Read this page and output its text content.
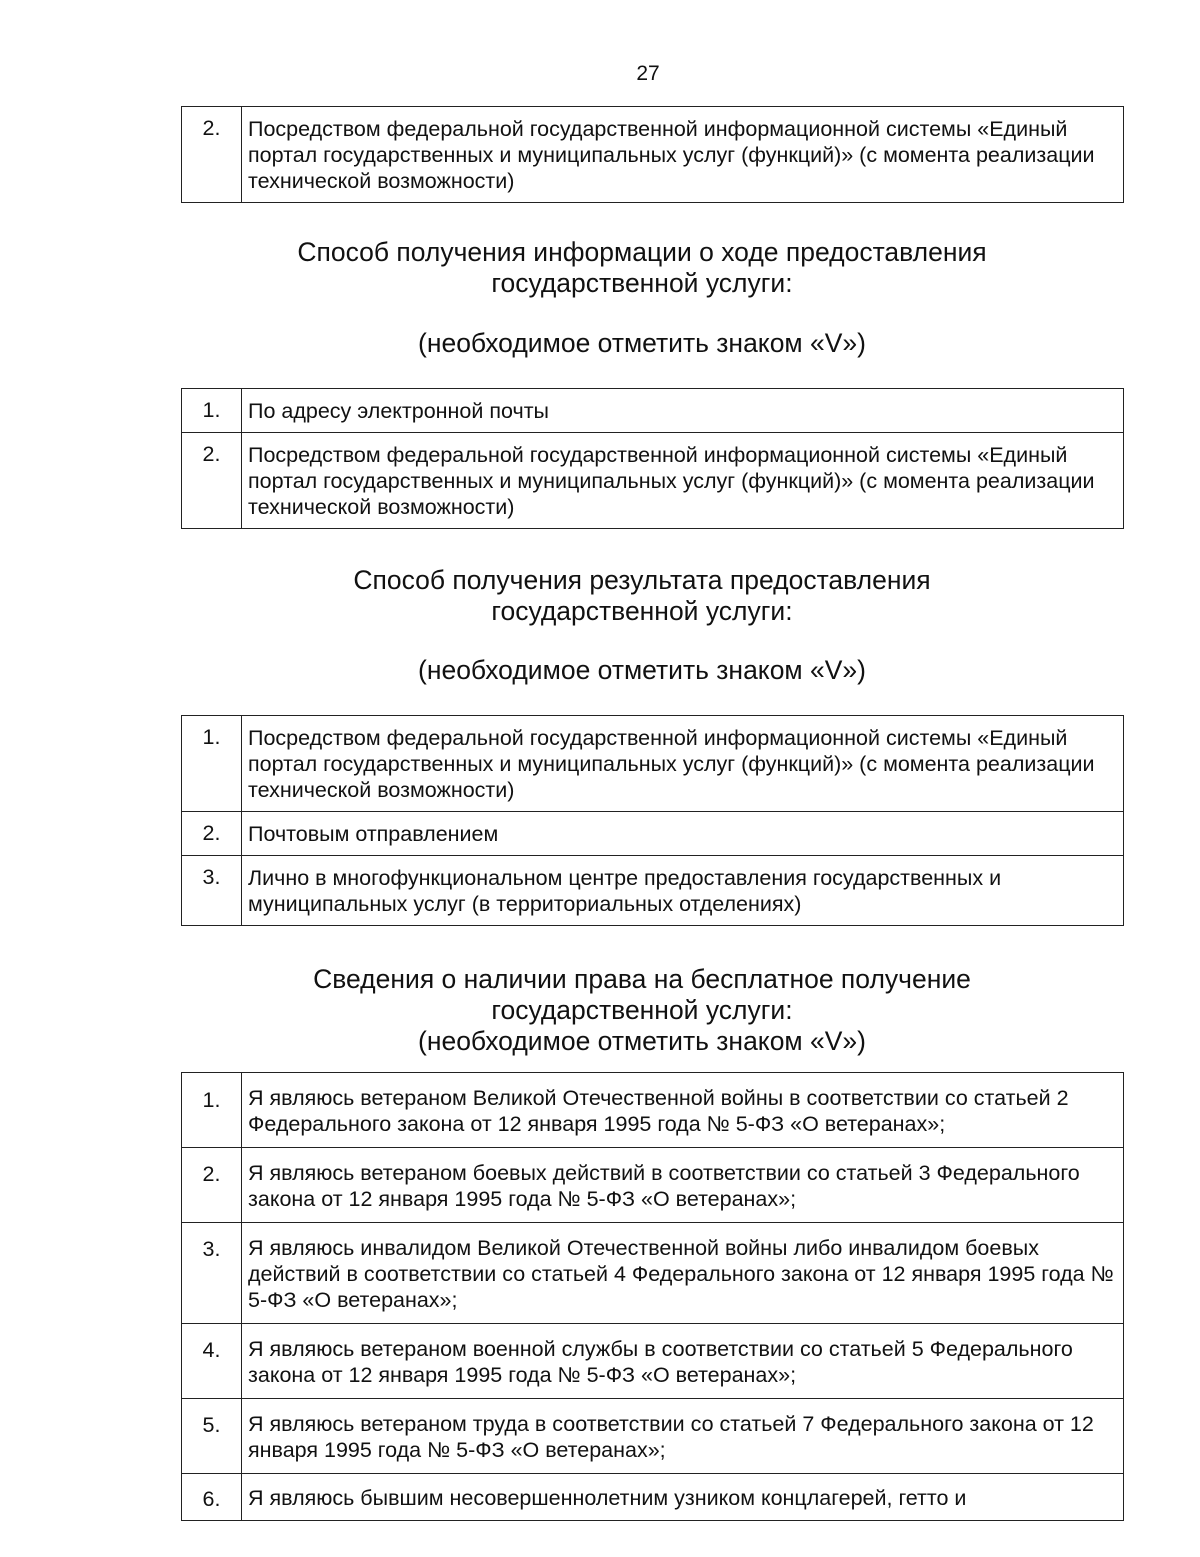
27
2.	Посредством федеральной государственной информационной системы «Единый портал государственных и муниципальных услуг (функций)» (с момента реализации технической возможности)
Способ получения информации о ходе предоставления
государственной услуги:
(необходимое отметить знаком «V»)
1.	По адресу электронной почты
2.	Посредством федеральной государственной информационной системы «Единый портал государственных и муниципальных услуг (функций)» (с момента реализации технической возможности)
Способ получения результата предоставления
государственной услуги:
(необходимое отметить знаком «V»)
1.	Посредством федеральной государственной информационной системы «Единый портал государственных и муниципальных услуг (функций)» (с момента реализации технической возможности)
2.	Почтовым отправлением
3.	Лично в многофункциональном центре предоставления государственных и муниципальных услуг (в территориальных отделениях)
Сведения о наличии права на бесплатное получение
государственной услуги:
(необходимое отметить знаком «V»)
1.	Я являюсь ветераном Великой Отечественной войны в соответствии со статьей 2 Федерального закона от 12 января 1995 года № 5-ФЗ «О ветеранах»;
2.	Я являюсь ветераном боевых действий в соответствии со статьей 3 Федерального закона от 12 января 1995 года № 5-ФЗ «О ветеранах»;
3.	Я являюсь инвалидом Великой Отечественной войны либо инвалидом боевых действий в соответствии со статьей 4 Федерального закона от 12 января 1995 года № 5-ФЗ «О ветеранах»;
4.	Я являюсь ветераном военной службы в соответствии со статьей 5 Федерального закона от 12 января 1995 года № 5-ФЗ «О ветеранах»;
5.	Я являюсь ветераном труда в соответствии со статьей 7 Федерального закона от 12 января 1995 года № 5-ФЗ «О ветеранах»;
6.	Я являюсь бывшим несовершеннолетним узником концлагерей, гетто и
